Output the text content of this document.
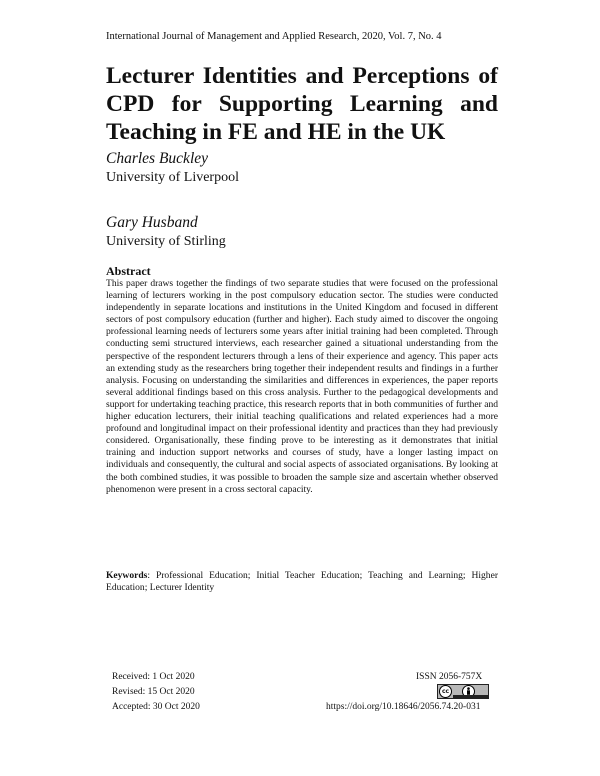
International Journal of Management and Applied Research, 2020, Vol. 7, No. 4
Lecturer Identities and Perceptions of CPD for Supporting Learning and Teaching in FE and HE in the UK
Charles Buckley
University of Liverpool
Gary Husband
University of Stirling
Abstract

This paper draws together the findings of two separate studies that were focused on the professional learning of lecturers working in the post compulsory education sector. The studies were conducted independently in separate locations and institutions in the United Kingdom and focused in different sectors of post compulsory education (further and higher). Each study aimed to discover the ongoing professional learning needs of lecturers some years after initial training had been completed. Through conducting semi structured interviews, each researcher gained a situational understanding from the perspective of the respondent lecturers through a lens of their experience and agency. This paper acts an extending study as the researchers bring together their independent results and findings in a further analysis. Focusing on understanding the similarities and differences in experiences, the paper reports several additional findings based on this cross analysis. Further to the pedagogical developments and support for undertaking teaching practice, this research reports that in both communities of further and higher education lecturers, their initial teaching qualifications and related experiences had a more profound and longitudinal impact on their professional identity and practices than they had previously considered. Organisationally, these finding prove to be interesting as it demonstrates that initial training and induction support networks and courses of study, have a longer lasting impact on individuals and consequently, the cultural and social aspects of associated organisations. By looking at the both combined studies, it was possible to broaden the sample size and ascertain whether observed phenomenon were present in a cross sectoral capacity.

Keywords: Professional Education; Initial Teacher Education; Teaching and Learning; Higher Education; Lecturer Identity

Received: 1 Oct 2020
Revised: 15 Oct 2020
Accepted: 30 Oct 2020
ISSN 2056-757X
cc
https://doi.org/10.18646/2056.74.20-031
